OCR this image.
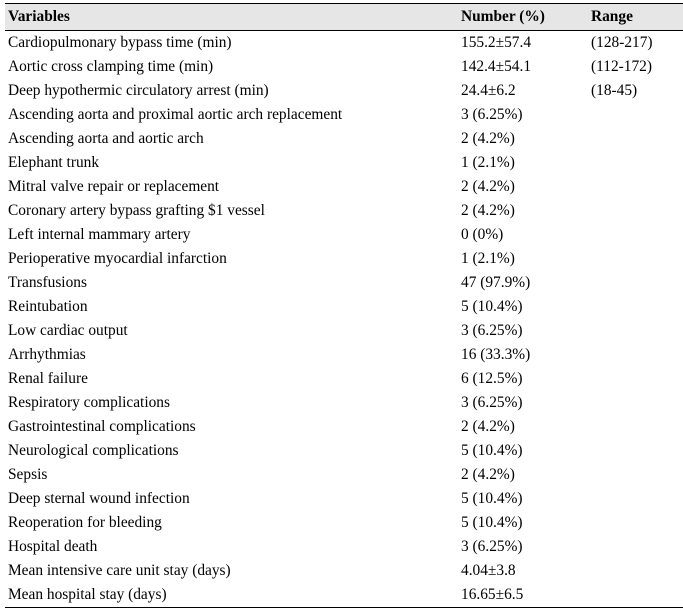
Variables	Number (%)	Range
Cardiopulmonary bypass time (min)	155.2±57.4	(128-217)
Aortic cross clamping time (min)	142.4±54.1	(112-172)
Deep hypothermic circulatory arrest (min)	24.4±6.2	(18-45)
Ascending aorta and proximal aortic arch replacement	3 (6.25%)	
Ascending aorta and aortic arch	2 (4.2%)	
Elephant trunk	1 (2.1%)	
Mitral valve repair or replacement	2 (4.2%)	
Coronary artery bypass grafting $1 vessel	2 (4.2%)	
Left internal mammary artery	0 (0%)	
Perioperative myocardial infarction	1 (2.1%)	
Transfusions	47 (97.9%)	
Reintubation	5 (10.4%)	
Low cardiac output	3 (6.25%)	
Arrhythmias	16 (33.3%)	
Renal failure	6 (12.5%)	
Respiratory complications	3 (6.25%)	
Gastrointestinal complications	2 (4.2%)	
Neurological complications	5 (10.4%)	
Sepsis	2 (4.2%)	
Deep sternal wound infection	5 (10.4%)	
Reoperation for bleeding	5 (10.4%)	
Hospital death	3 (6.25%)	
Mean intensive care unit stay (days)	4.04±3.8	
Mean hospital stay (days)	16.65±6.5	
